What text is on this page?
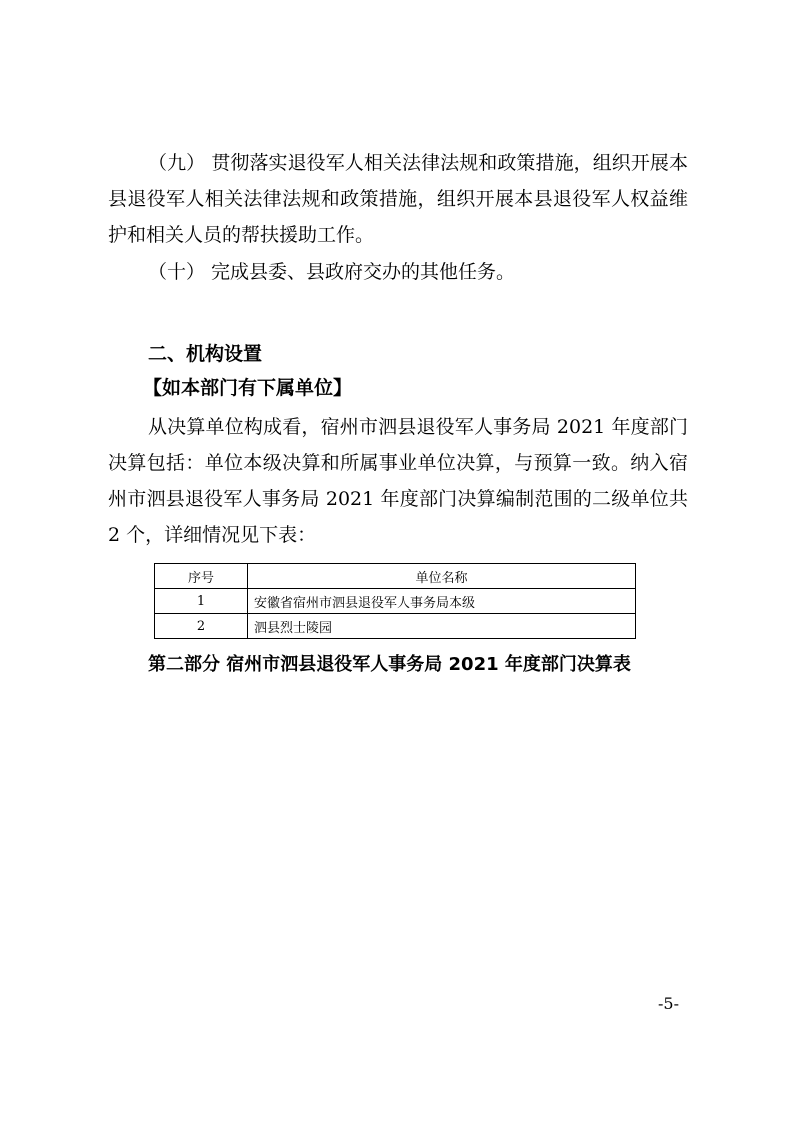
（九） 贯彻落实退役军人相关法律法规和政策措施，组织开展本县退役军人相关法律法规和政策措施，组织开展本县退役军人权益维护和相关人员的帮扶援助工作。

（十） 完成县委、县政府交办的其他任务。

二、机构设置

【如本部门有下属单位】

从决算单位构成看，宿州市泗县退役军人事务局 2021 年度部门决算包括：单位本级决算和所属事业单位决算，与预算一致。纳入宿州市泗县退役军人事务局 2021 年度部门决算编制范围的二级单位共 2 个，详细情况见下表：

序号	单位名称
1	安徽省宿州市泗县退役军人事务局本级
2	泗县烈士陵园
第二部分 宿州市泗县退役军人事务局 2021 年度部门决算表
-5-
